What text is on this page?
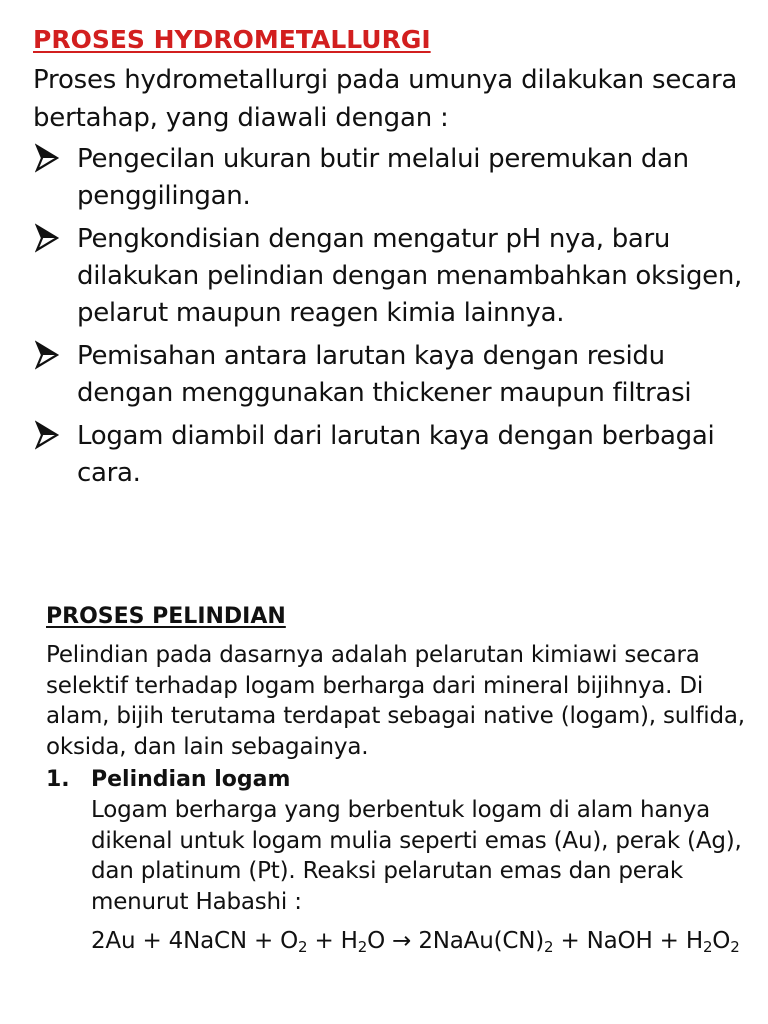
PROSES HYDROMETALLURGI

Proses hydrometallurgi pada umunya dilakukan secara bertahap, yang diawali dengan :

Pengecilan ukuran butir melalui peremukan dan penggilingan.
Pengkondisian dengan mengatur pH nya, baru dilakukan pelindian dengan menambahkan oksigen, pelarut maupun reagen kimia lainnya.
Pemisahan antara larutan kaya dengan residu dengan menggunakan thickener maupun filtrasi
Logam diambil dari larutan kaya dengan berbagai cara.
PROSES PELINDIAN

Pelindian pada dasarnya adalah pelarutan kimiawi secara selektif terhadap logam berharga dari mineral bijihnya. Di alam, bijih terutama terdapat sebagai native (logam), sulfida, oksida, dan lain sebagainya.

1. Pelindian logam
Logam berharga yang berbentuk logam di alam hanya dikenal untuk logam mulia seperti emas (Au), perak (Ag), dan platinum (Pt). Reaksi pelarutan emas dan perak menurut Habashi :
2Au + 4NaCN + $O_2 + H_2O$ → $2NaAu(CN)_2$ + NaOH + $H_2O_2$
